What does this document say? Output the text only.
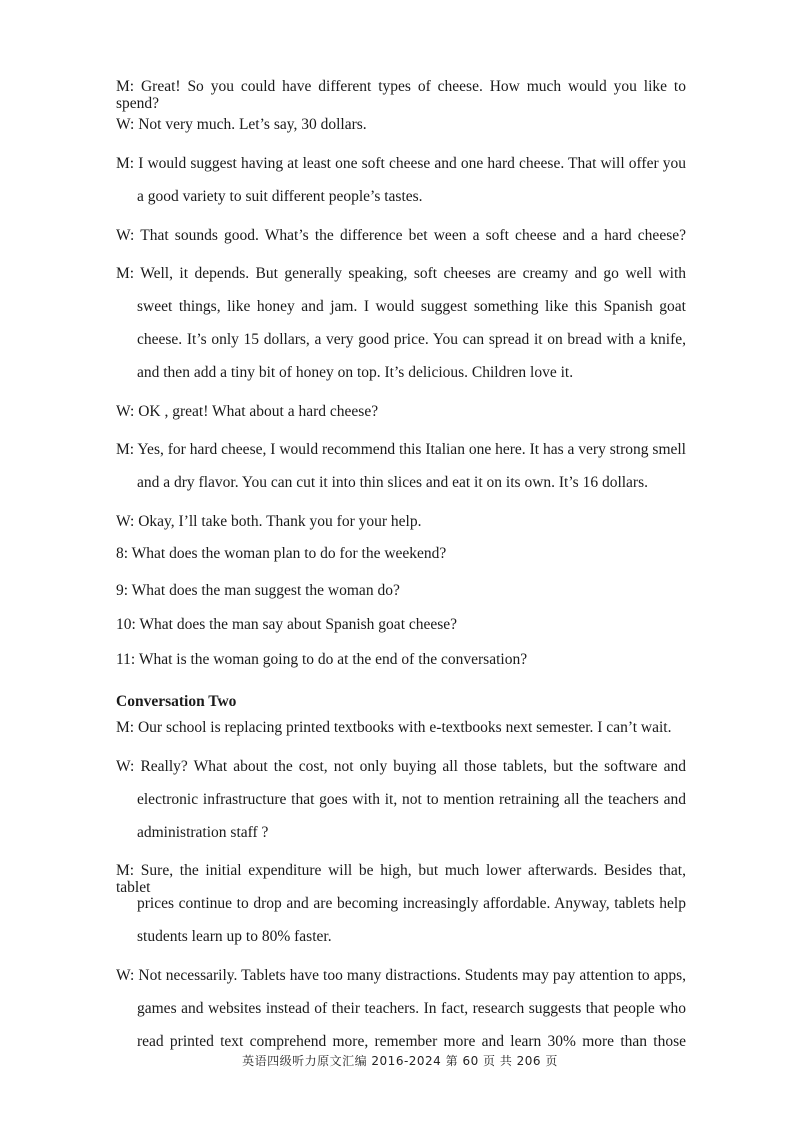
M: Great! So you could have different types of cheese. How much would you like to spend?
W: Not very much. Let’s say, 30 dollars.
M: I would suggest having at least one soft cheese and one hard cheese. That will offer you
a good variety to suit different people’s tastes.
W: That sounds good. What’s the difference bet ween a soft cheese and a hard cheese?
M: Well, it depends. But generally speaking, soft cheeses are creamy and go well with
sweet things, like honey and jam. I would suggest something like this Spanish goat
cheese. It’s only 15 dollars, a very good price. You can spread it on bread with a knife,
and then add a tiny bit of honey on top. It’s delicious. Children love it.
W: OK , great! What about a hard cheese?
M: Yes, for hard cheese, I would recommend this Italian one here. It has a very strong smell
and a dry flavor. You can cut it into thin slices and eat it on its own. It’s 16 dollars.
W: Okay, I’ll take both. Thank you for your help.
8: What does the woman plan to do for the weekend?
9: What does the man suggest the woman do?
10: What does the man say about Spanish goat cheese?
11: What is the woman going to do at the end of the conversation?
Conversation Two
M: Our school is replacing printed textbooks with e-textbooks next semester. I can’t wait.
W: Really? What about the cost, not only buying all those tablets, but the software and
electronic infrastructure that goes with it, not to mention retraining all the teachers and
administration staff ?
M: Sure, the initial expenditure will be high, but much lower afterwards. Besides that, tablet
prices continue to drop and are becoming increasingly affordable. Anyway, tablets help
students learn up to 80% faster.
W: Not necessarily. Tablets have too many distractions. Students may pay attention to apps,
games and websites instead of their teachers. In fact, research suggests that people who
read printed text comprehend more, remember more and learn 30% more than those
英语四级听力原文汇编 2016-2024 第 60 页 共 206 页
